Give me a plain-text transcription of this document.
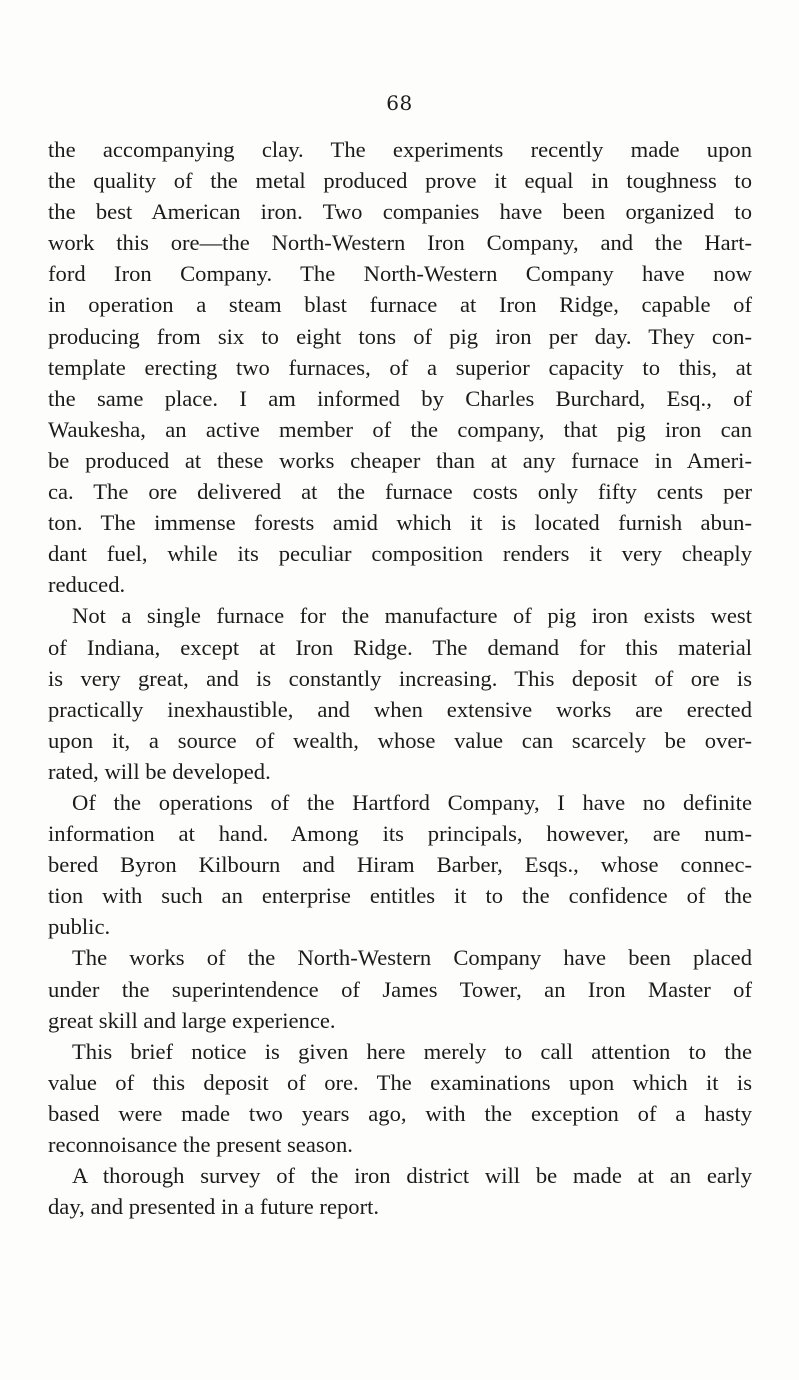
68
the accompanying clay. The experiments recently made upon
the quality of the metal produced prove it equal in toughness to
the best American iron. Two companies have been organized to
work this ore—the North-Western Iron Company, and the Hart-
ford Iron Company. The North-Western Company have now
in operation a steam blast furnace at Iron Ridge, capable of
producing from six to eight tons of pig iron per day. They con-
template erecting two furnaces, of a superior capacity to this, at
the same place. I am informed by Charles Burchard, Esq., of
Waukesha, an active member of the company, that pig iron can
be produced at these works cheaper than at any furnace in Ameri-
ca. The ore delivered at the furnace costs only fifty cents per
ton. The immense forests amid which it is located furnish abun-
dant fuel, while its peculiar composition renders it very cheaply
reduced.
Not a single furnace for the manufacture of pig iron exists west
of Indiana, except at Iron Ridge. The demand for this material
is very great, and is constantly increasing. This deposit of ore is
practically inexhaustible, and when extensive works are erected
upon it, a source of wealth, whose value can scarcely be over-
rated, will be developed.
Of the operations of the Hartford Company, I have no definite
information at hand. Among its principals, however, are num-
bered Byron Kilbourn and Hiram Barber, Esqs., whose connec-
tion with such an enterprise entitles it to the confidence of the
public.
The works of the North-Western Company have been placed
under the superintendence of James Tower, an Iron Master of
great skill and large experience.
This brief notice is given here merely to call attention to the
value of this deposit of ore. The examinations upon which it is
based were made two years ago, with the exception of a hasty
reconnoisance the present season.
A thorough survey of the iron district will be made at an early
day, and presented in a future report.
